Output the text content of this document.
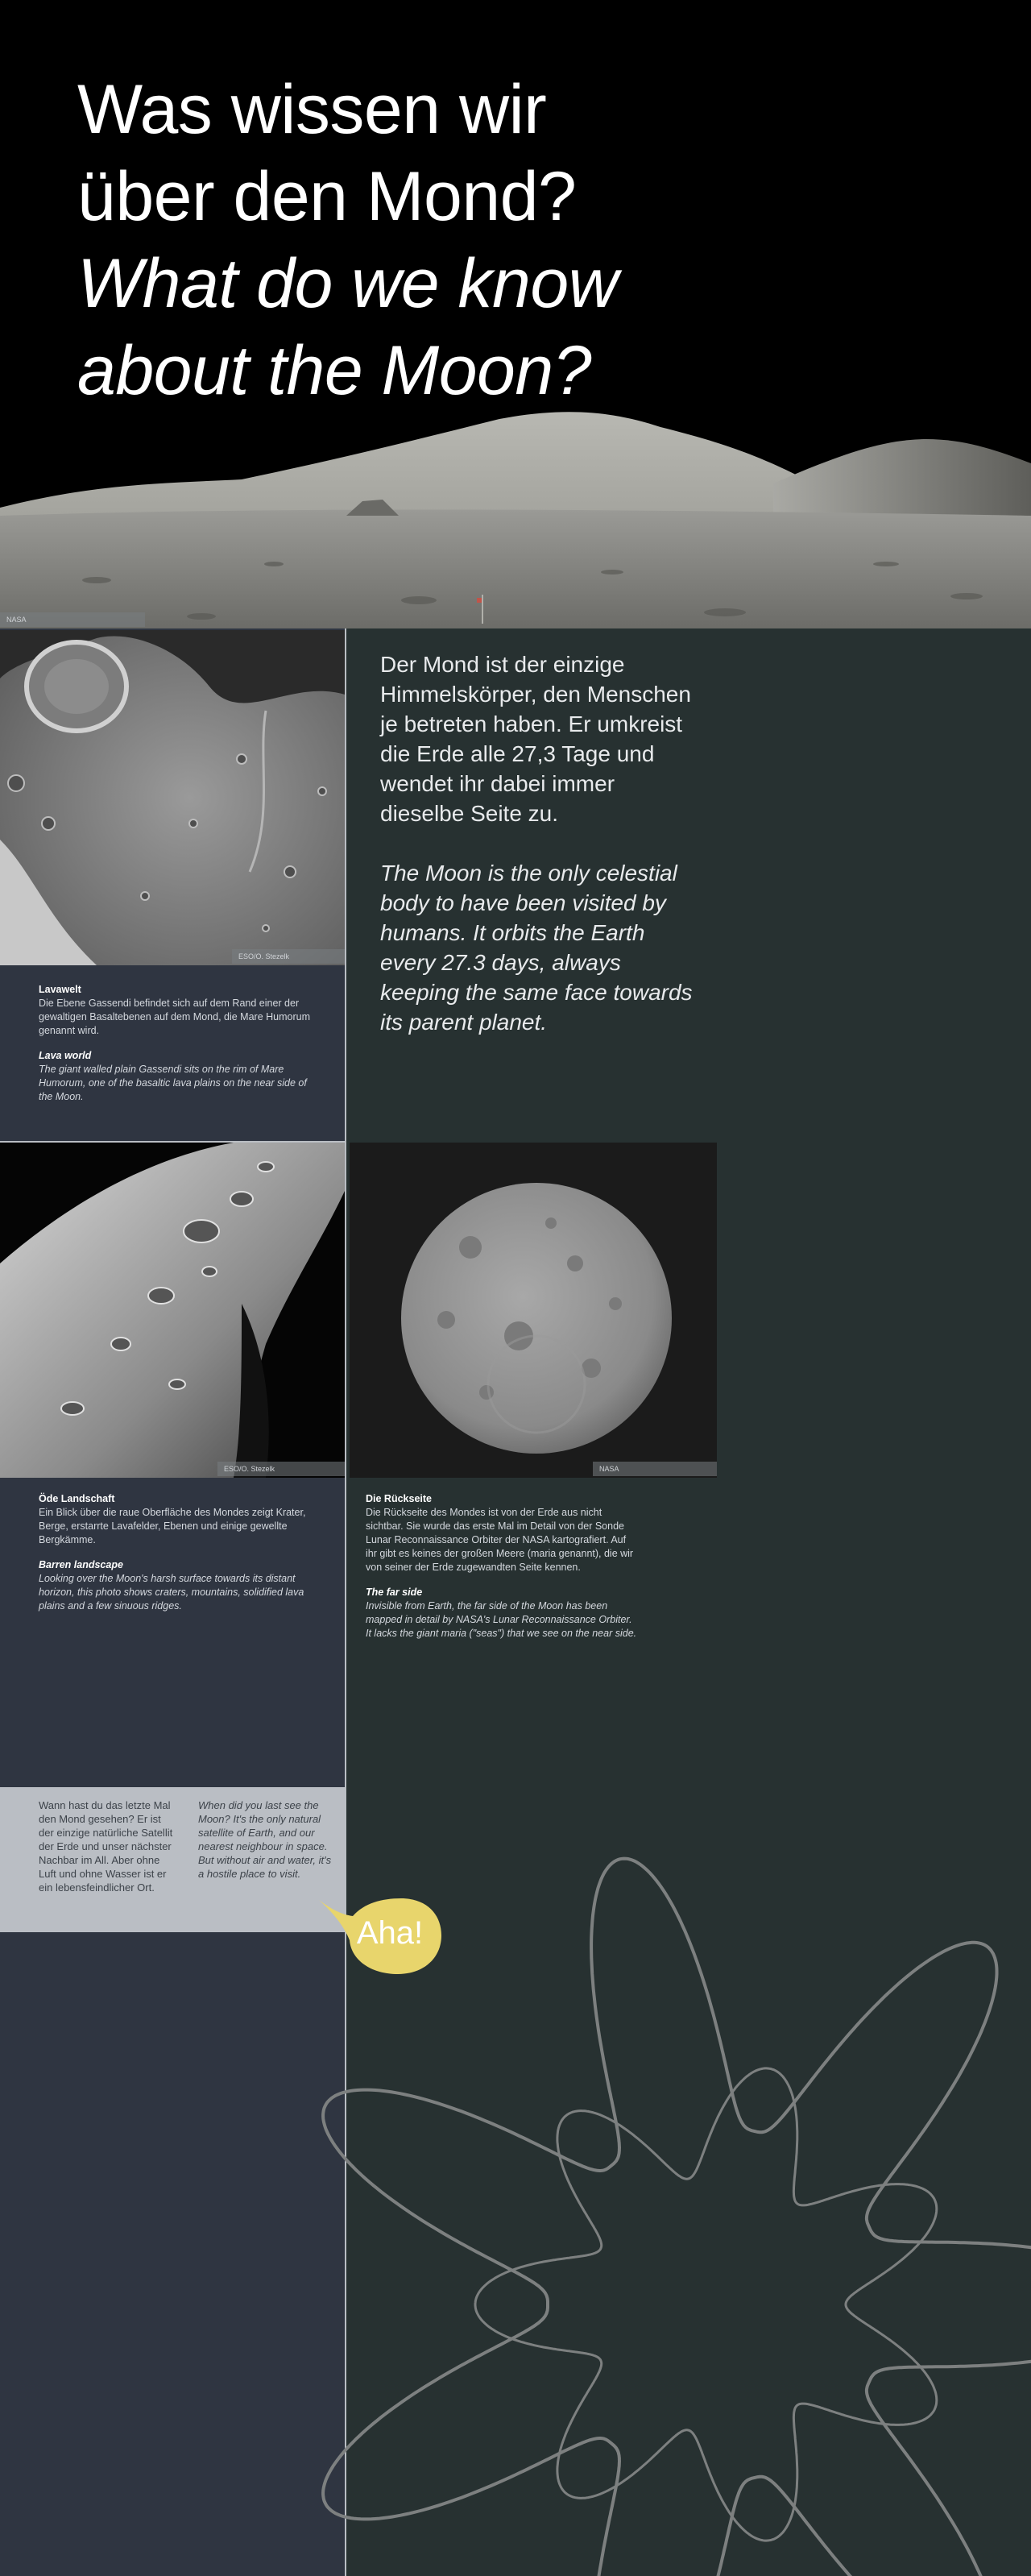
Was wissen wir
über den Mond?
What do we know
about the Moon?
NASA
ESO/O. Stezelk

Lavawelt
Die Ebene Gassendi befindet sich auf dem Rand einer der gewaltigen Basaltebenen auf dem Mond, die Mare Humorum genannt wird.

Lava world
The giant walled plain Gassendi sits on the rim of Mare Humorum, one of the basaltic lava plains on the near side of the Moon.

Der Mond ist der einzige Himmelskörper, den Menschen je betreten haben. Er umkreist die Erde alle 27,3 Tage und wendet ihr dabei immer dieselbe Seite zu.

The Moon is the only celestial body to have been visited by humans. It orbits the Earth every 27.3 days, always keeping the same face towards its parent planet.

ESO/O. Stezelk	NASA

Öde Landschaft
Ein Blick über die raue Oberfläche des Mondes zeigt Krater, Berge, erstarrte Lavafelder, Ebenen und einige gewellte Bergkämme.

Barren landscape
Looking over the Moon's harsh surface towards its distant horizon, this photo shows craters, mountains, solidified lava plains and a few sinuous ridges.

Die Rückseite
Die Rückseite des Mondes ist von der Erde aus nicht sichtbar. Sie wurde das erste Mal im Detail von der Sonde Lunar Reconnaissance Orbiter der NASA kartografiert. Auf ihr gibt es keines der großen Meere (maria genannt), die wir von seiner der Erde zugewandten Seite kennen.

The far side
Invisible from Earth, the far side of the Moon has been mapped in detail by NASA's Lunar Reconnaissance Orbiter. It lacks the giant maria ("seas") that we see on the near side.

Wann hast du das letzte Mal den Mond gesehen? Er ist der einzige natürliche Satellit der Erde und unser nächster Nachbar im All. Aber ohne Luft und ohne Wasser ist er ein lebensfeindlicher Ort.
When did you last see the Moon? It's the only natural satellite of Earth, and our nearest neighbour in space. But without air and water, it's a hostile place to visit.
Aha!
